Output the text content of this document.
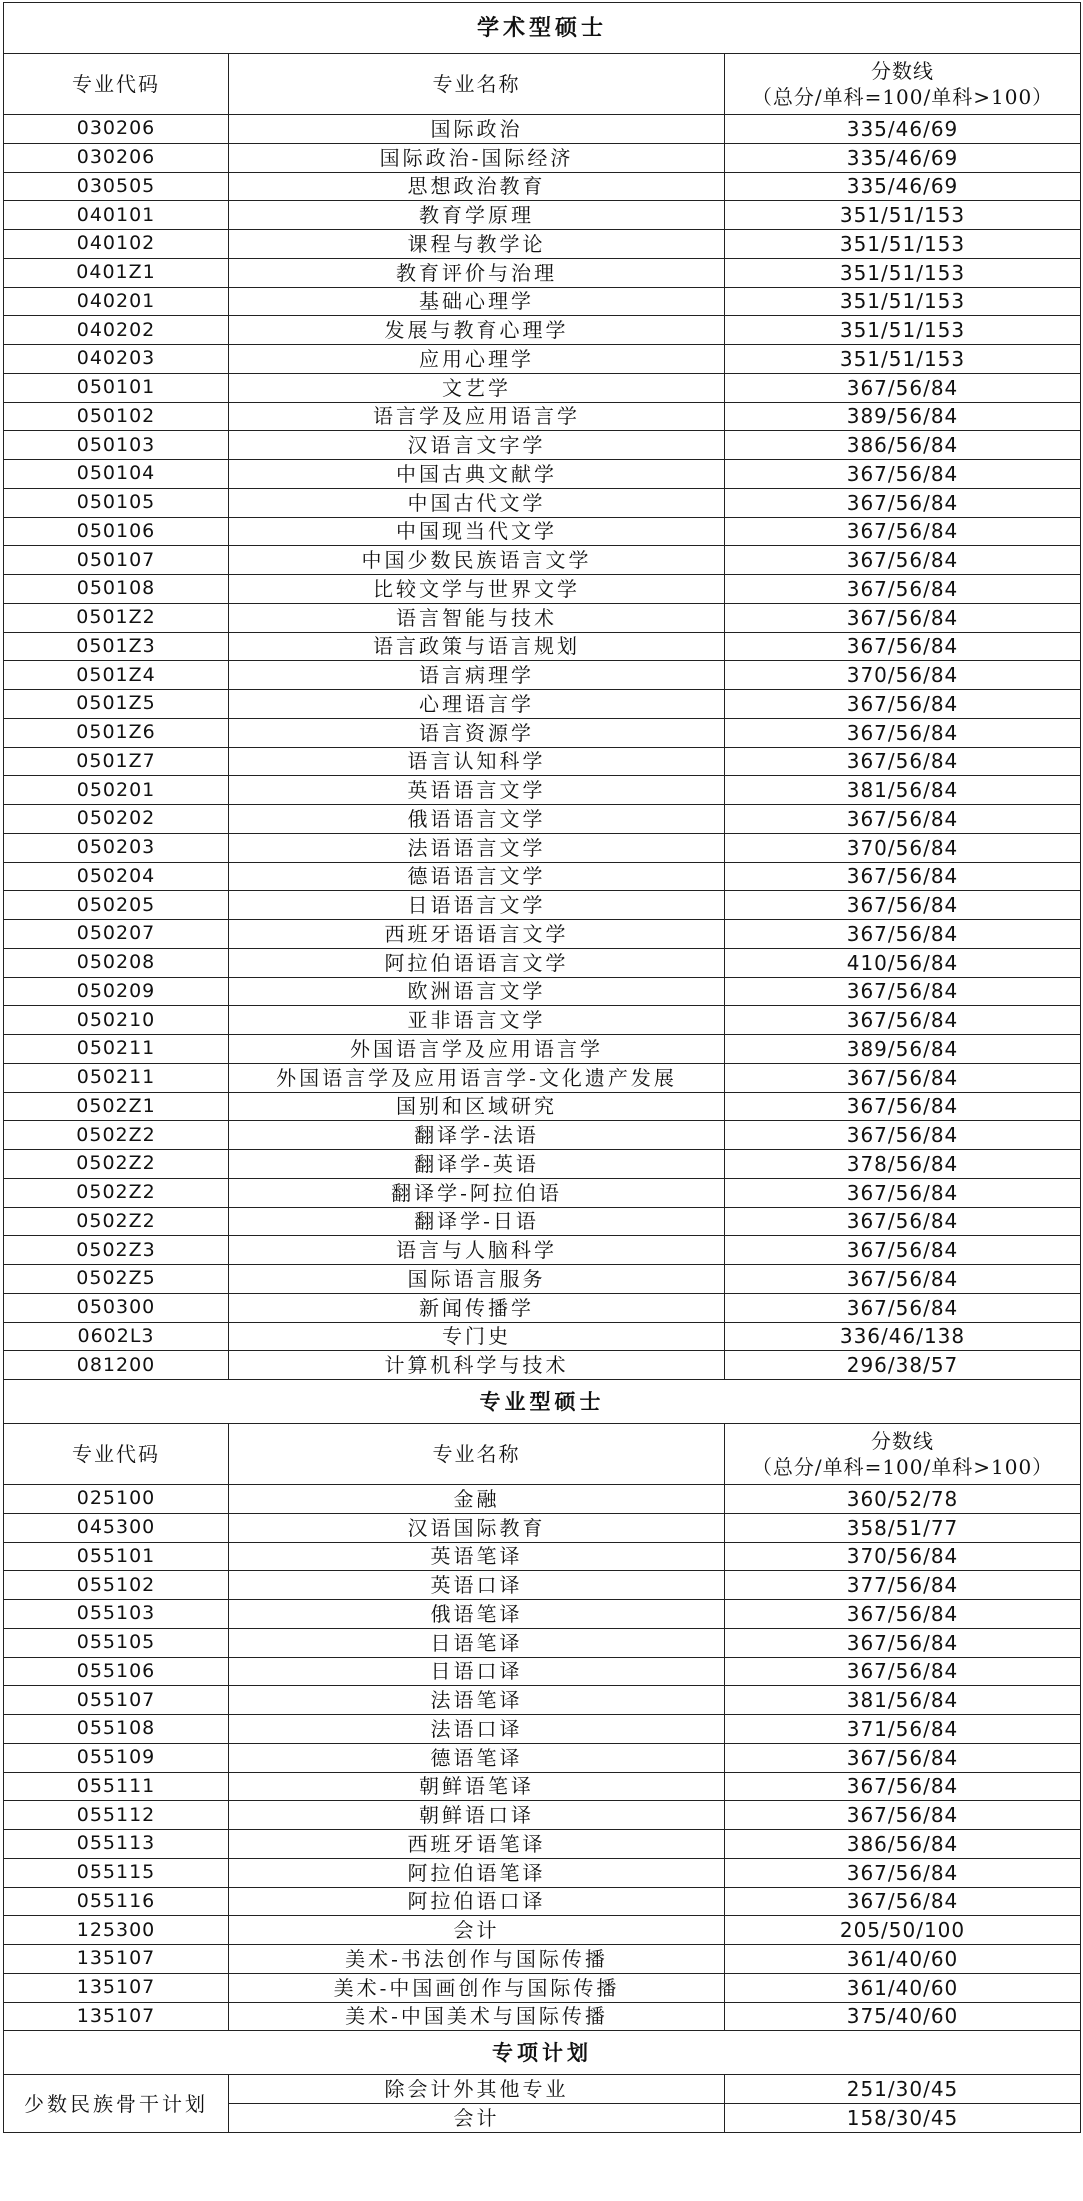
学术型硕士		
专业代码	专业名称	分数线
（总分/单科=100/单科>100）
030206	国际政治	335/46/69
030206	国际政治-国际经济	335/46/69
030505	思想政治教育	335/46/69
040101	教育学原理	351/51/153
040102	课程与教学论	351/51/153
0401Z1	教育评价与治理	351/51/153
040201	基础心理学	351/51/153
040202	发展与教育心理学	351/51/153
040203	应用心理学	351/51/153
050101	文艺学	367/56/84
050102	语言学及应用语言学	389/56/84
050103	汉语言文字学	386/56/84
050104	中国古典文献学	367/56/84
050105	中国古代文学	367/56/84
050106	中国现当代文学	367/56/84
050107	中国少数民族语言文学	367/56/84
050108	比较文学与世界文学	367/56/84
0501Z2	语言智能与技术	367/56/84
0501Z3	语言政策与语言规划	367/56/84
0501Z4	语言病理学	370/56/84
0501Z5	心理语言学	367/56/84
0501Z6	语言资源学	367/56/84
0501Z7	语言认知科学	367/56/84
050201	英语语言文学	381/56/84
050202	俄语语言文学	367/56/84
050203	法语语言文学	370/56/84
050204	德语语言文学	367/56/84
050205	日语语言文学	367/56/84
050207	西班牙语语言文学	367/56/84
050208	阿拉伯语语言文学	410/56/84
050209	欧洲语言文学	367/56/84
050210	亚非语言文学	367/56/84
050211	外国语言学及应用语言学	389/56/84
050211	外国语言学及应用语言学-文化遗产发展	367/56/84
0502Z1	国别和区域研究	367/56/84
0502Z2	翻译学-法语	367/56/84
0502Z2	翻译学-英语	378/56/84
0502Z2	翻译学-阿拉伯语	367/56/84
0502Z2	翻译学-日语	367/56/84
0502Z3	语言与人脑科学	367/56/84
0502Z5	国际语言服务	367/56/84
050300	新闻传播学	367/56/84
0602L3	专门史	336/46/138
081200	计算机科学与技术	296/38/57
专业型硕士		
专业代码	专业名称	分数线
（总分/单科=100/单科>100）
025100	金融	360/52/78
045300	汉语国际教育	358/51/77
055101	英语笔译	370/56/84
055102	英语口译	377/56/84
055103	俄语笔译	367/56/84
055105	日语笔译	367/56/84
055106	日语口译	367/56/84
055107	法语笔译	381/56/84
055108	法语口译	371/56/84
055109	德语笔译	367/56/84
055111	朝鲜语笔译	367/56/84
055112	朝鲜语口译	367/56/84
055113	西班牙语笔译	386/56/84
055115	阿拉伯语笔译	367/56/84
055116	阿拉伯语口译	367/56/84
125300	会计	205/50/100
135107	美术-书法创作与国际传播	361/40/60
135107	美术-中国画创作与国际传播	361/40/60
135107	美术-中国美术与国际传播	375/40/60
专项计划		
少数民族骨干计划	除会计外其他专业	251/30/45
	会计	158/30/45
